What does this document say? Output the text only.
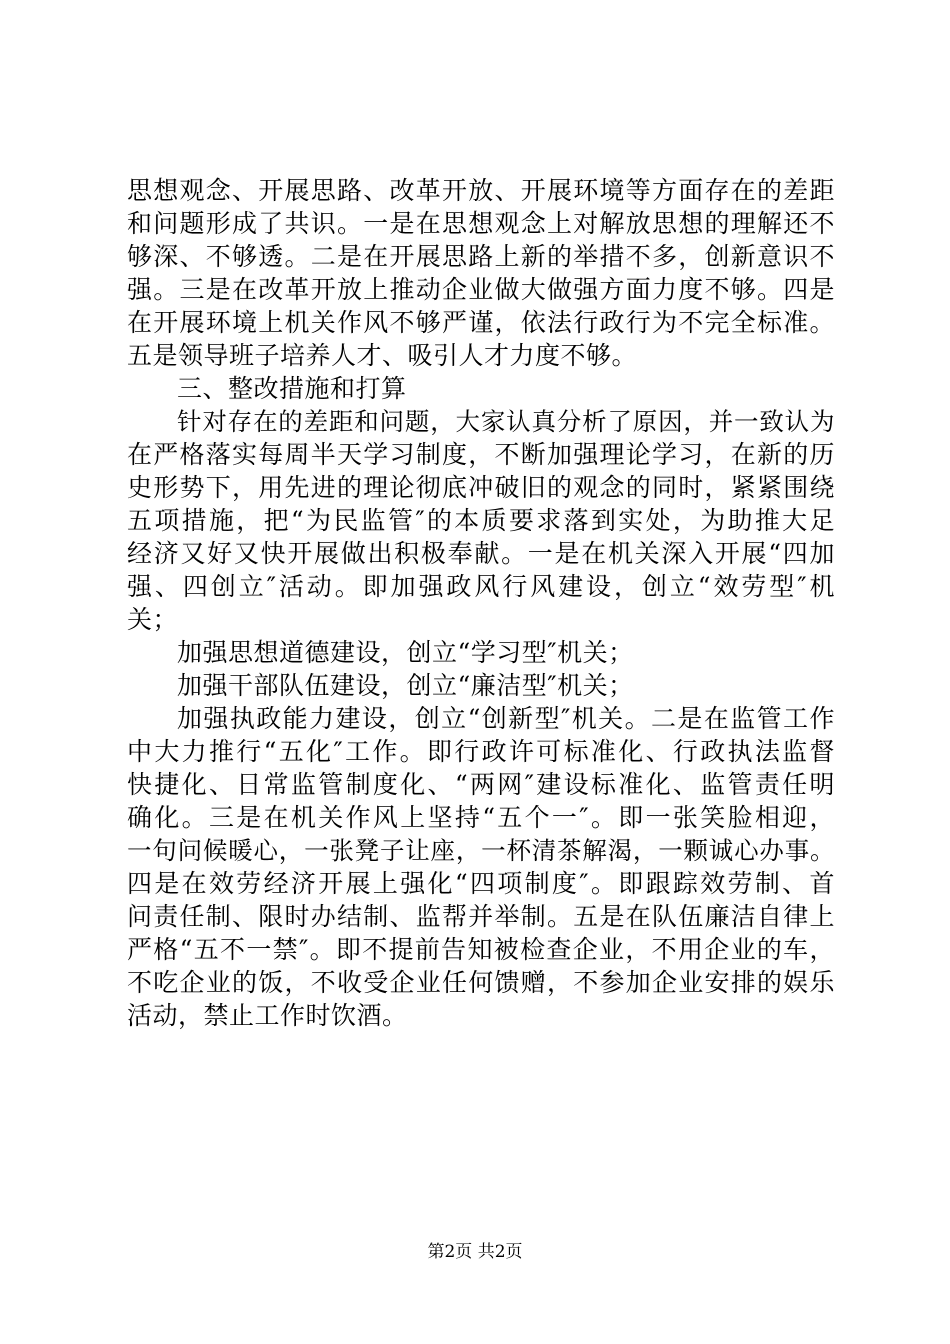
思想观念、开展思路、改革开放、开展环境等方面存在的差距
和问题形成了共识。一是在思想观念上对解放思想的理解还不
够深、不够透。二是在开展思路上新的举措不多，创新意识不
强。三是在改革开放上推动企业做大做强方面力度不够。四是
在开展环境上机关作风不够严谨，依法行政行为不完全标准。
五是领导班子培养人才、吸引人才力度不够。
三、整改措施和打算
针对存在的差距和问题，大家认真分析了原因，并一致认为
在严格落实每周半天学习制度，不断加强理论学习，在新的历
史形势下，用先进的理论彻底冲破旧的观念的同时，紧紧围绕
五项措施，把“为民监管″的本质要求落到实处，为助推大足
经济又好又快开展做出积极奉献。一是在机关深入开展“四加
强、四创立″活动。即加强政风行风建设，创立“效劳型″机
关；
加强思想道德建设，创立“学习型″机关；
加强干部队伍建设，创立“廉洁型″机关；
加强执政能力建设，创立“创新型″机关。二是在监管工作
中大力推行“五化″工作。即行政许可标准化、行政执法监督
快捷化、日常监管制度化、“两网″建设标准化、监管责任明
确化。三是在机关作风上坚持“五个一″。即一张笑脸相迎，
一句问候暖心，一张凳子让座，一杯清茶解渴，一颗诚心办事。
四是在效劳经济开展上强化“四项制度″。即跟踪效劳制、首
问责任制、限时办结制、监帮并举制。五是在队伍廉洁自律上
严格“五不一禁″。即不提前告知被检查企业，不用企业的车，
不吃企业的饭，不收受企业任何馈赠，不参加企业安排的娱乐
活动，禁止工作时饮酒。
第2页 共2页
